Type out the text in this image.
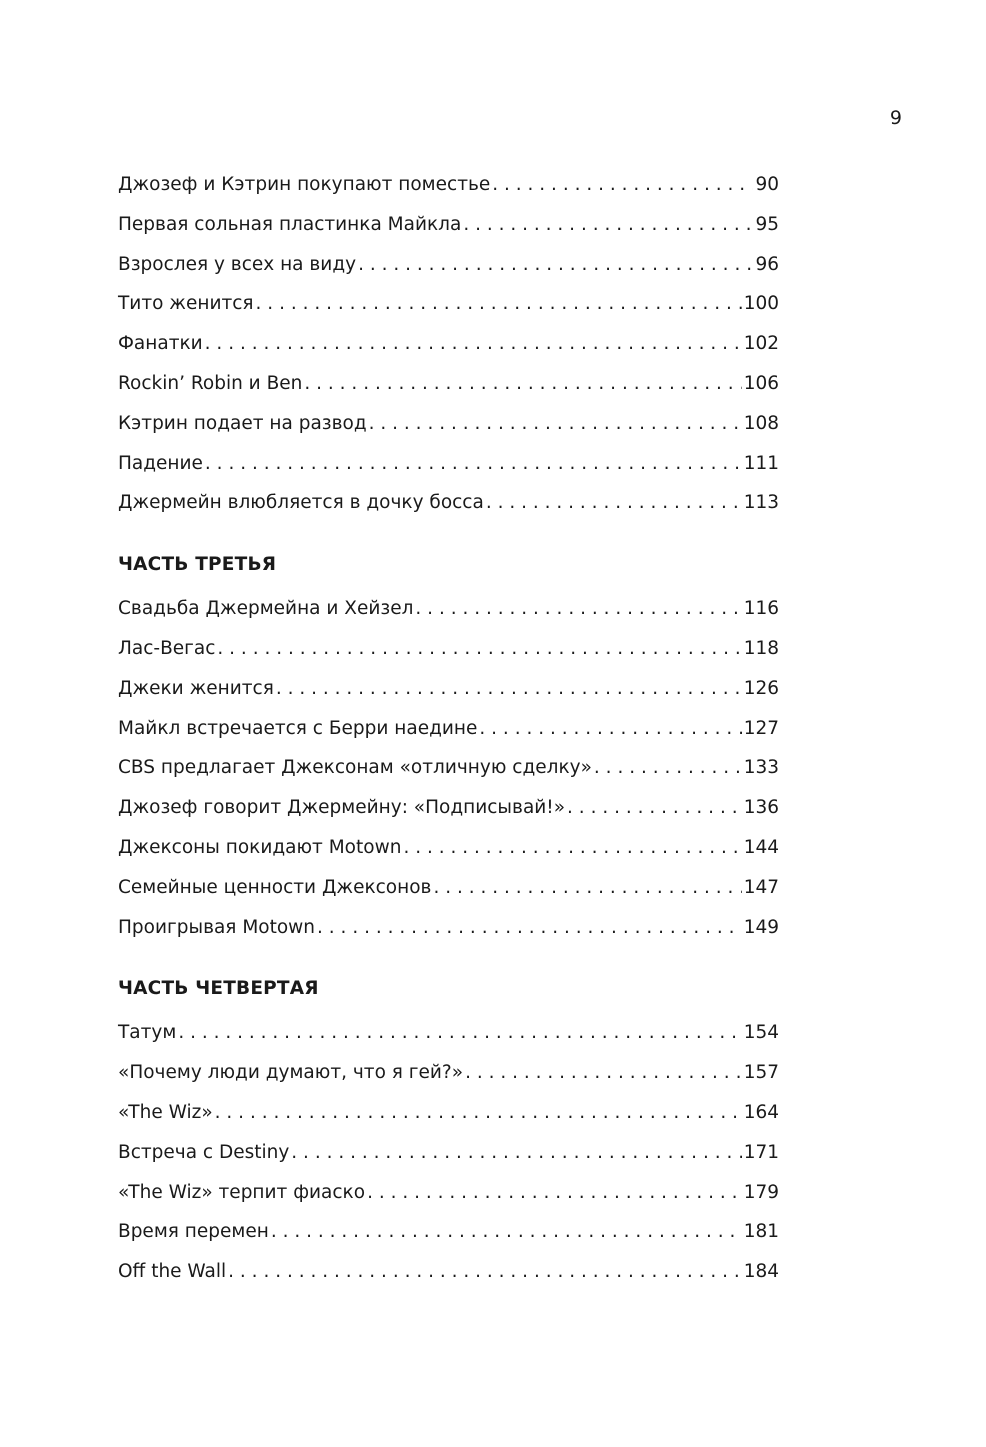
9
Джозеф и Кэтрин покупают поместье . . .	90
Первая сольная пластинка Майкла . . .	95
Взрослея у всех на виду . . .	96
Тито женится . . .	100
Фанатки . . .	102
Rockin’ Robin и Ben . . .	106
Кэтрин подает на развод . . .	108
Падение . . .	111
Джермейн влюбляется в дочку босса . . .	113
ЧАСТЬ ТРЕТЬЯ
Свадьба Джермейна и Хейзел . . .	116
Лас-Вегас . . .	118
Джеки женится . . .	126
Майкл встречается с Берри наедине . . .	127
CBS предлагает Джексонам «отличную сделку» . . .	133
Джозеф говорит Джермейну: «Подписывай!» . . .	136
Джексоны покидают Motown . . .	144
Семейные ценности Джексонов . . .	147
Проигрывая Motown . . .	149
ЧАСТЬ ЧЕТВЕРТАЯ
Татум . . .	154
«Почему люди думают, что я гей?» . . .	157
«The Wiz» . . .	164
Встреча с Destiny . . .	171
«The Wiz» терпит фиаско . . .	179
Время перемен . . .	181
Off the Wall . . .	184
